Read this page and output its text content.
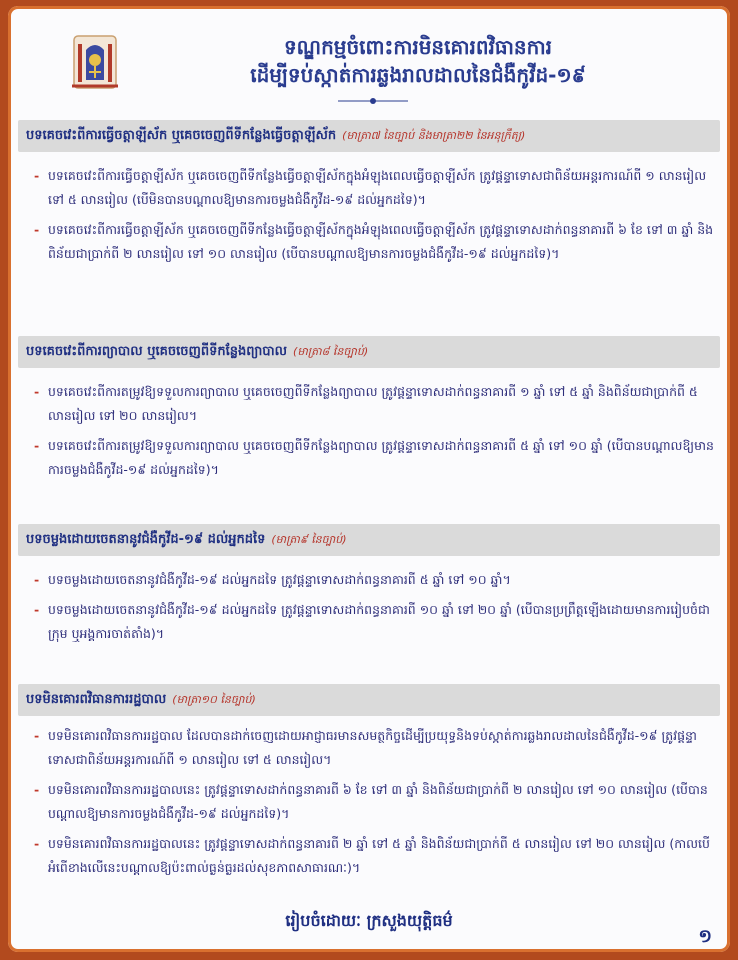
ទណ្ឌកម្មចំពោះការមិនគោរពវិធានការ
ដើម្បីទប់ស្កាត់ការឆ្លងរាលដាលនៃជំងឺកូវីដ-១៩
បទគេចវេះពីការធ្វើចត្តាឡីស័ក ឬគេចចេញពីទីកន្លែងធ្វើចត្តាឡីស័ក (មាត្រា៧ នៃច្បាប់ និងមាត្រា២២ នៃអនុក្រឹត្យ)
- បទគេចវេះពីការធ្វើចត្តាឡីស័ក ឬគេចចេញពីទីកន្លែងធ្វើចត្តាឡីស័កក្នុងអំឡុងពេលធ្វើចត្តាឡីស័ក ត្រូវផ្តន្ទាទោសជាពិន័យអន្តរការណ៍ពី ១ លានរៀល ទៅ ៥ លានរៀល (បើមិនបានបណ្តាលឱ្យមានការចម្លងជំងឺកូវីដ-១៩ ដល់អ្នកដទៃ)។
- បទគេចវេះពីការធ្វើចត្តាឡីស័ក ឬគេចចេញពីទីកន្លែងធ្វើចត្តាឡីស័កក្នុងអំឡុងពេលធ្វើចត្តាឡីស័ក ត្រូវផ្តន្ទាទោសដាក់ពន្ធនាគារពី ៦ ខែ ទៅ ៣ ឆ្នាំ និងពិន័យជាប្រាក់ពី ២ លានរៀល ទៅ ១០ លានរៀល (បើបានបណ្តាលឱ្យមានការចម្លងជំងឺកូវីដ-១៩ ដល់អ្នកដទៃ)។
បទគេចវេះពីការព្យាបាល ឬគេចចេញពីទីកន្លែងព្យាបាល (មាត្រា៨ នៃច្បាប់)
- បទគេចវេះពីការតម្រូវឱ្យទទួលការព្យាបាល ឬគេចចេញពីទីកន្លែងព្យាបាល ត្រូវផ្តន្ទាទោសដាក់ពន្ធនាគារពី ១ ឆ្នាំ ទៅ ៥ ឆ្នាំ និងពិន័យជាប្រាក់ពី ៥ លានរៀល ទៅ ២០ លានរៀល។
- បទគេចវេះពីការតម្រូវឱ្យទទួលការព្យាបាល ឬគេចចេញពីទីកន្លែងព្យាបាល ត្រូវផ្តន្ទាទោសដាក់ពន្ធនាគារពី ៥ ឆ្នាំ ទៅ ១០ ឆ្នាំ (បើបានបណ្តាលឱ្យមានការចម្លងជំងឺកូវីដ-១៩ ដល់អ្នកដទៃ)។
បទចម្លងដោយចេតនានូវជំងឺកូវីដ-១៩ ដល់អ្នកដទៃ (មាត្រា៩ នៃច្បាប់)
- បទចម្លងដោយចេតនានូវជំងឺកូវីដ-១៩ ដល់អ្នកដទៃ ត្រូវផ្តន្ទាទោសដាក់ពន្ធនាគារពី ៥ ឆ្នាំ ទៅ ១០ ឆ្នាំ។
- បទចម្លងដោយចេតនានូវជំងឺកូវីដ-១៩ ដល់អ្នកដទៃ ត្រូវផ្តន្ទាទោសដាក់ពន្ធនាគារពី ១០ ឆ្នាំ ទៅ ២០ ឆ្នាំ (បើបានប្រព្រឹត្តឡើងដោយមានការរៀបចំជាក្រុម ឬអង្គការចាត់តាំង)។
បទមិនគោរពវិធានការរដ្ឋបាល (មាត្រា១០ នៃច្បាប់)
- បទមិនគោរពវិធានការរដ្ឋបាល ដែលបានដាក់ចេញដោយអាជ្ញាធរមានសមត្ថកិច្ចដើម្បីប្រយុទ្ធនិងទប់ស្កាត់ការឆ្លងរាលដាលនៃជំងឺកូវីដ-១៩ ត្រូវផ្តន្ទាទោសជាពិន័យអន្តរការណ៍ពី ១ លានរៀល ទៅ ៥ លានរៀល។
- បទមិនគោរពវិធានការរដ្ឋបាលនេះ ត្រូវផ្តន្ទាទោសដាក់ពន្ធនាគារពី ៦ ខែ ទៅ ៣ ឆ្នាំ និងពិន័យជាប្រាក់ពី ២ លានរៀល ទៅ ១០ លានរៀល (បើបានបណ្តាលឱ្យមានការចម្លងជំងឺកូវីដ-១៩ ដល់អ្នកដទៃ)។
- បទមិនគោរពវិធានការរដ្ឋបាលនេះ ត្រូវផ្តន្ទាទោសដាក់ពន្ធនាគារពី ២ ឆ្នាំ ទៅ ៥ ឆ្នាំ និងពិន័យជាប្រាក់ពី ៥ លានរៀល ទៅ ២០ លានរៀល (កាលបើអំពើខាងលើនេះបណ្តាលឱ្យប៉ះពាល់ធ្ងន់ធ្ងរដល់សុខភាពសាធារណៈ)។
រៀបចំដោយៈ ក្រសួងយុត្តិធម៌
១
